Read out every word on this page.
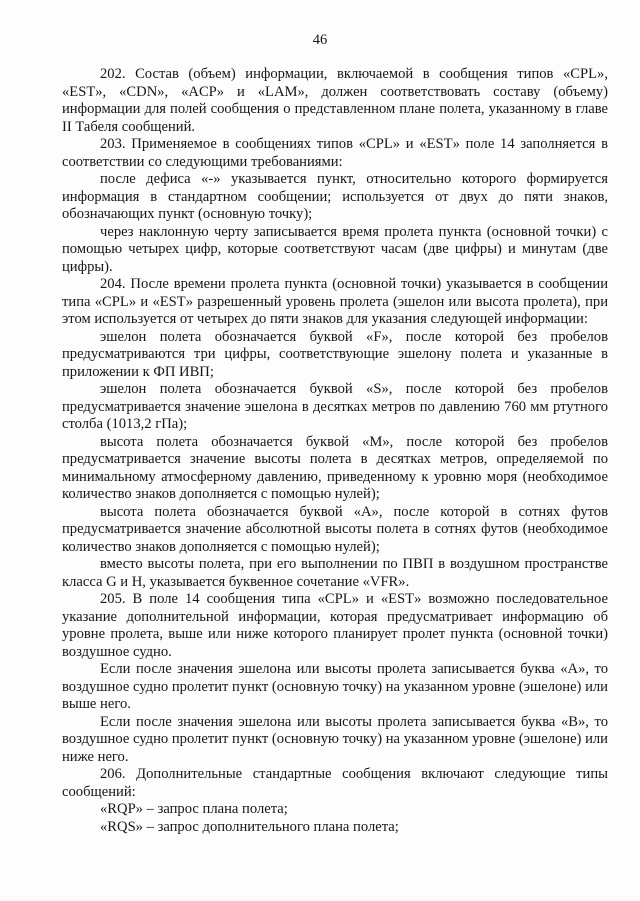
46

202. Состав (объем) информации, включаемой в сообщения типов «CPL», «EST», «CDN», «ACP» и «LAM», должен соответствовать составу (объему) информации для полей сообщения о представленном плане полета, указанному в главе II Табеля сообщений.

203. Применяемое в сообщениях типов «CPL» и «EST» поле 14 заполняется в соответствии со следующими требованиями:

после дефиса «-» указывается пункт, относительно которого формируется информация в стандартном сообщении; используется от двух до пяти знаков, обозначающих пункт (основную точку);

через наклонную черту записывается время пролета пункта (основной точки) с помощью четырех цифр, которые соответствуют часам (две цифры) и минутам (две цифры).

204. После времени пролета пункта (основной точки) указывается в сообщении типа «CPL» и «EST» разрешенный уровень пролета (эшелон или высота пролета), при этом используется от четырех до пяти знаков для указания следующей информации:

эшелон полета обозначается буквой «F», после которой без пробелов предусматриваются три цифры, соответствующие эшелону полета и указанные в приложении к ФП ИВП;

эшелон полета обозначается буквой «S», после которой без пробелов предусматривается значение эшелона в десятках метров по давлению 760 мм ртутного столба (1013,2 гПа);

высота полета обозначается буквой «M», после которой без пробелов предусматривается значение высоты полета в десятках метров, определяемой по минимальному атмосферному давлению, приведенному к уровню моря (необходимое количество знаков дополняется с помощью нулей);

высота полета обозначается буквой «A», после которой в сотнях футов предусматривается значение абсолютной высоты полета в сотнях футов (необходимое количество знаков дополняется с помощью нулей);

вместо высоты полета, при его выполнении по ПВП в воздушном пространстве класса G и H, указывается буквенное сочетание «VFR».

205. В поле 14 сообщения типа «CPL» и «EST» возможно последовательное указание дополнительной информации, которая предусматривает информацию об уровне пролета, выше или ниже которого планирует пролет пункта (основной точки) воздушное судно.

Если после значения эшелона или высоты пролета записывается буква «A», то воздушное судно пролетит пункт (основную точку) на указанном уровне (эшелоне) или выше него.

Если после значения эшелона или высоты пролета записывается буква «B», то воздушное судно пролетит пункт (основную точку) на указанном уровне (эшелоне) или ниже него.

206. Дополнительные стандартные сообщения включают следующие типы сообщений:

«RQP» – запрос плана полета;

«RQS» – запрос дополнительного плана полета;
